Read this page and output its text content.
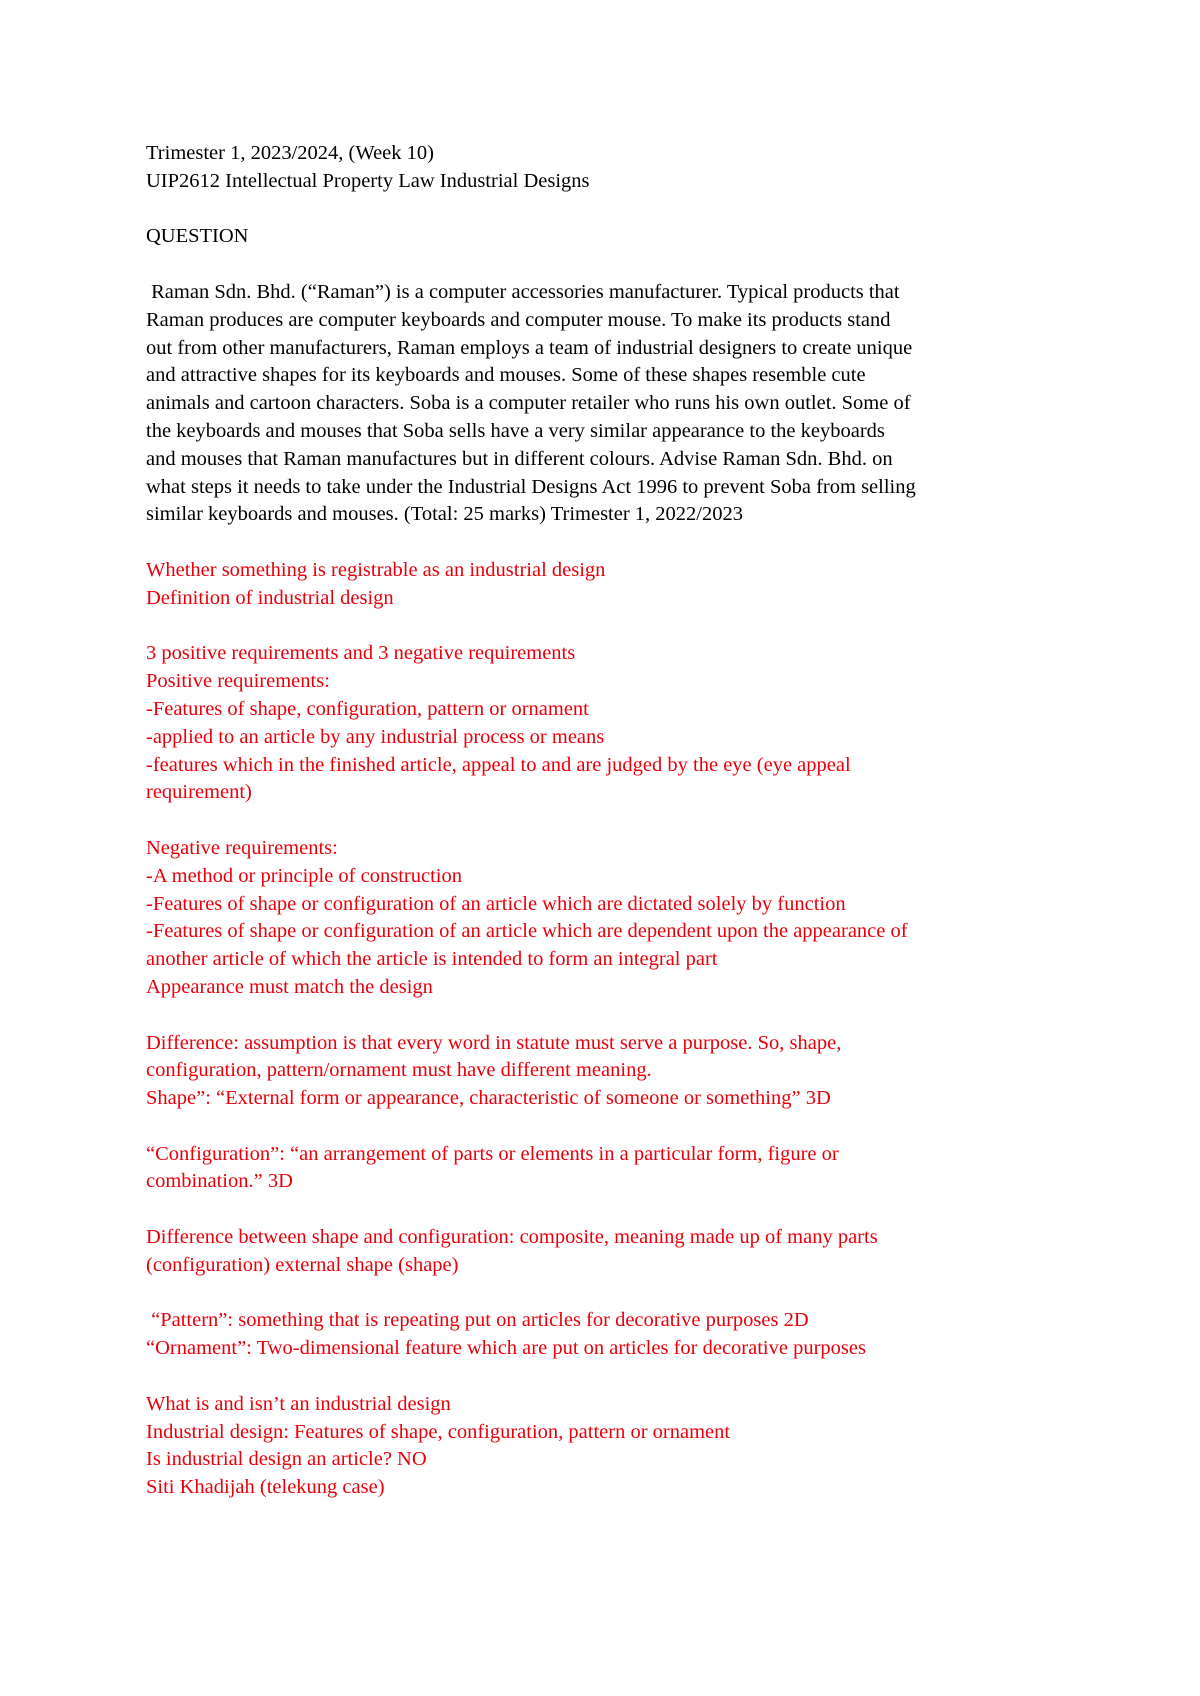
Trimester 1, 2023/2024, (Week 10)
UIP2612 Intellectual Property Law Industrial Designs
QUESTION
Raman Sdn. Bhd. (“Raman”) is a computer accessories manufacturer. Typical products that
Raman produces are computer keyboards and computer mouse. To make its products stand
out from other manufacturers, Raman employs a team of industrial designers to create unique
and attractive shapes for its keyboards and mouses. Some of these shapes resemble cute
animals and cartoon characters. Soba is a computer retailer who runs his own outlet. Some of
the keyboards and mouses that Soba sells have a very similar appearance to the keyboards
and mouses that Raman manufactures but in different colours. Advise Raman Sdn. Bhd. on
what steps it needs to take under the Industrial Designs Act 1996 to prevent Soba from selling
similar keyboards and mouses. (Total: 25 marks) Trimester 1, 2022/2023
Whether something is registrable as an industrial design
Definition of industrial design
3 positive requirements and 3 negative requirements
Positive requirements:
-Features of shape, configuration, pattern or ornament
-applied to an article by any industrial process or means
-features which in the finished article, appeal to and are judged by the eye (eye appeal
requirement)
Negative requirements:
-A method or principle of construction
-Features of shape or configuration of an article which are dictated solely by function
-Features of shape or configuration of an article which are dependent upon the appearance of
another article of which the article is intended to form an integral part
Appearance must match the design
Difference: assumption is that every word in statute must serve a purpose. So, shape,
configuration, pattern/ornament must have different meaning.
Shape”: “External form or appearance, characteristic of someone or something” 3D
“Configuration”: “an arrangement of parts or elements in a particular form, figure or
combination.” 3D
Difference between shape and configuration: composite, meaning made up of many parts
(configuration) external shape (shape)
“Pattern”: something that is repeating put on articles for decorative purposes 2D
“Ornament”: Two-dimensional feature which are put on articles for decorative purposes
What is and isn’t an industrial design
Industrial design: Features of shape, configuration, pattern or ornament
Is industrial design an article? NO
Siti Khadijah (telekung case)
